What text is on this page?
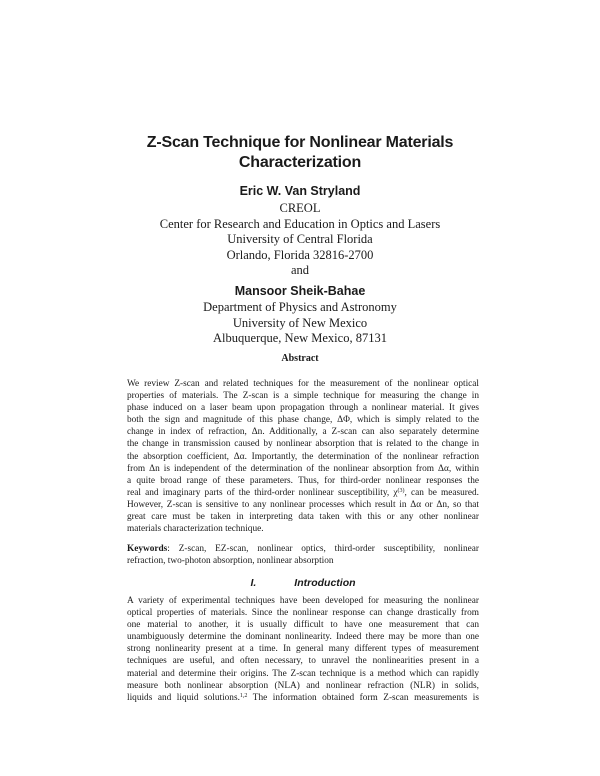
Z-Scan Technique for Nonlinear Materials
Characterization

Eric W. Van Stryland

CREOL
Center for Research and Education in Optics and Lasers
University of Central Florida
Orlando, Florida 32816-2700
and

Mansoor Sheik-Bahae

Department of Physics and Astronomy
University of New Mexico
Albuquerque, New Mexico, 87131
Abstract
We review Z-scan and related techniques for the measurement of the nonlinear optical
properties of materials. The Z-scan is a simple technique for measuring the change in
phase induced on a laser beam upon propagation through a nonlinear material. It gives
both the sign and magnitude of this phase change, ΔΦ, which is simply related to the
change in index of refraction, Δn. Additionally, a Z-scan can also separately determine
the change in transmission caused by nonlinear absorption that is related to the change in
the absorption coefficient, Δα. Importantly, the determination of the nonlinear refraction
from Δn is independent of the determination of the nonlinear absorption from Δα, within
a quite broad range of these parameters. Thus, for third-order nonlinear responses the
real and imaginary parts of the third-order nonlinear susceptibility, $\chi^{(3)}$, can be measured.
However, Z-scan is sensitive to any nonlinear processes which result in Δα or Δn, so that
great care must be taken in interpreting data taken with this or any other nonlinear
materials characterization technique.
Keywords: Z-scan, EZ-scan, nonlinear optics, third-order susceptibility, nonlinear
refraction, two-photon absorption, nonlinear absorption
I.	Introduction
A variety of experimental techniques have been developed for measuring the nonlinear
optical properties of materials. Since the nonlinear response can change drastically from
one material to another, it is usually difficult to have one measurement that can
unambiguously determine the dominant nonlinearity. Indeed there may be more than one
strong nonlinearity present at a time. In general many different types of measurement
techniques are useful, and often necessary, to unravel the nonlinearities present in a
material and determine their origins. The Z-scan technique is a method which can rapidly
measure both nonlinear absorption (NLA) and nonlinear refraction (NLR) in solids,
liquids and liquid solutions.$^{1,2}$ The information obtained form Z-scan measurements is
